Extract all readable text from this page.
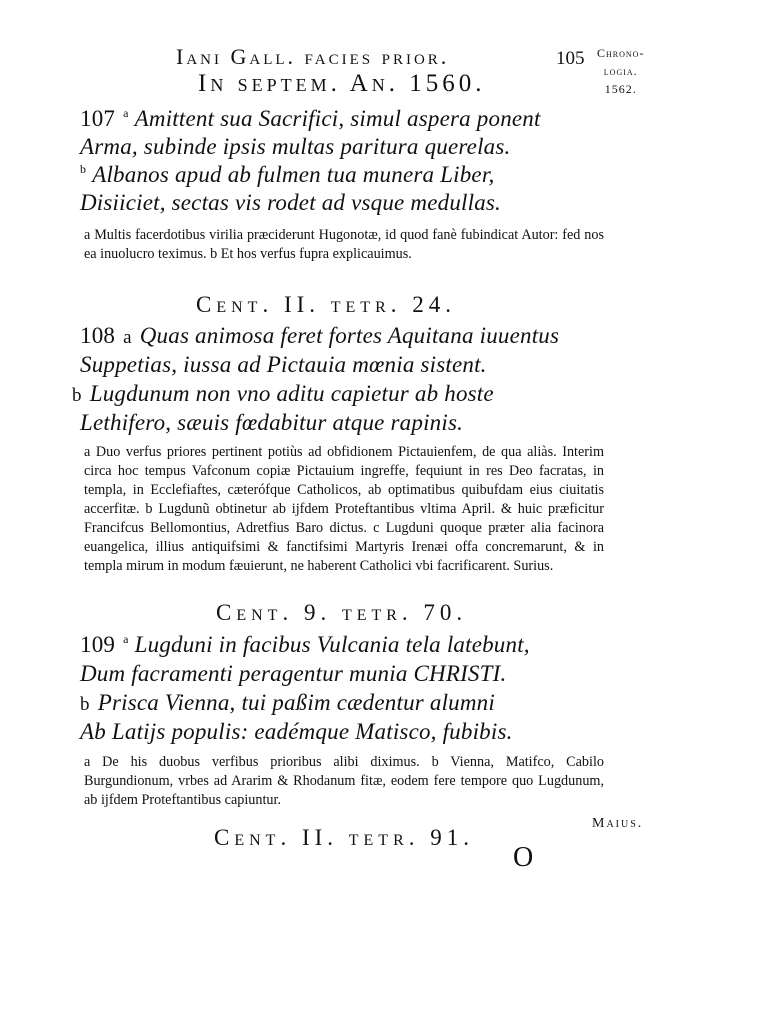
Iani Gall. facies prior.
In septem. An. 1560.
105 Chrono-
logia.
1562.
107 $^a$ Amittent sua Sacrifici, simul aspera ponent
Arma, subinde ipsis multas paritura querelas.
$^b$ Albanos apud ab fulmen tua munera Liber,
Disiiciet, sectas vis rodet ad vsque medullas.

a Multis facerdotibus virilia præciderunt Hugonotæ, id quod fanè fubindicat Autor: fed nos ea inuolucro teximus. b Et hos verfus fupra explicauimus.

Cent. II. tetr. 24.
108 a Quas animosa feret fortes Aquitana iuuentus
Suppetias, iussa ad Pictauia mœnia sistent.
b Lugdunum non vno aditu capietur ab hoste
Lethifero, sæuis fœdabitur atque rapinis.

a Duo verfus priores pertinent potiùs ad obfidionem Pictauienfem, de qua aliàs. Interim circa hoc tempus Vafconum copiæ Pictauium ingreffe, fequiunt in res Deo facratas, in templa, in Ecclefiaftes, cæterófque Catholicos, ab optimatibus quibufdam eius ciuitatis accerfitæ. b Lugdunũ obtinetur ab ijfdem Proteftantibus vltima April. & huic præficitur Francifcus Bellomontius, Adretfius Baro dictus. c Lugduni quoque præter alia facinora euangelica, illius antiquifsimi & fanctifsimi Martyris Irenæi offa concremarunt, & in templa mirum in modum fæuierunt, ne haberent Catholici vbi facrificarent. Surius.

Cent. 9. tetr. 70.
109 $^a$ Lugduni in facibus Vulcania tela latebunt,
Dum facramenti peragentur munia CHRISTI.
b Prisca Vienna, tui paßim cædentur alumni
Ab Latijs populis: eadémque Matisco, fubibis.

a De his duobus verfibus prioribus alibi diximus. b Vienna, Matifco, Cabilo Burgundionum, vrbes ad Ararim & Rhodanum fitæ, eodem fere tempore quo Lugdunum, ab ijfdem Proteftantibus capiuntur.

Cent. II. tetr. 91.
Maius.
O
